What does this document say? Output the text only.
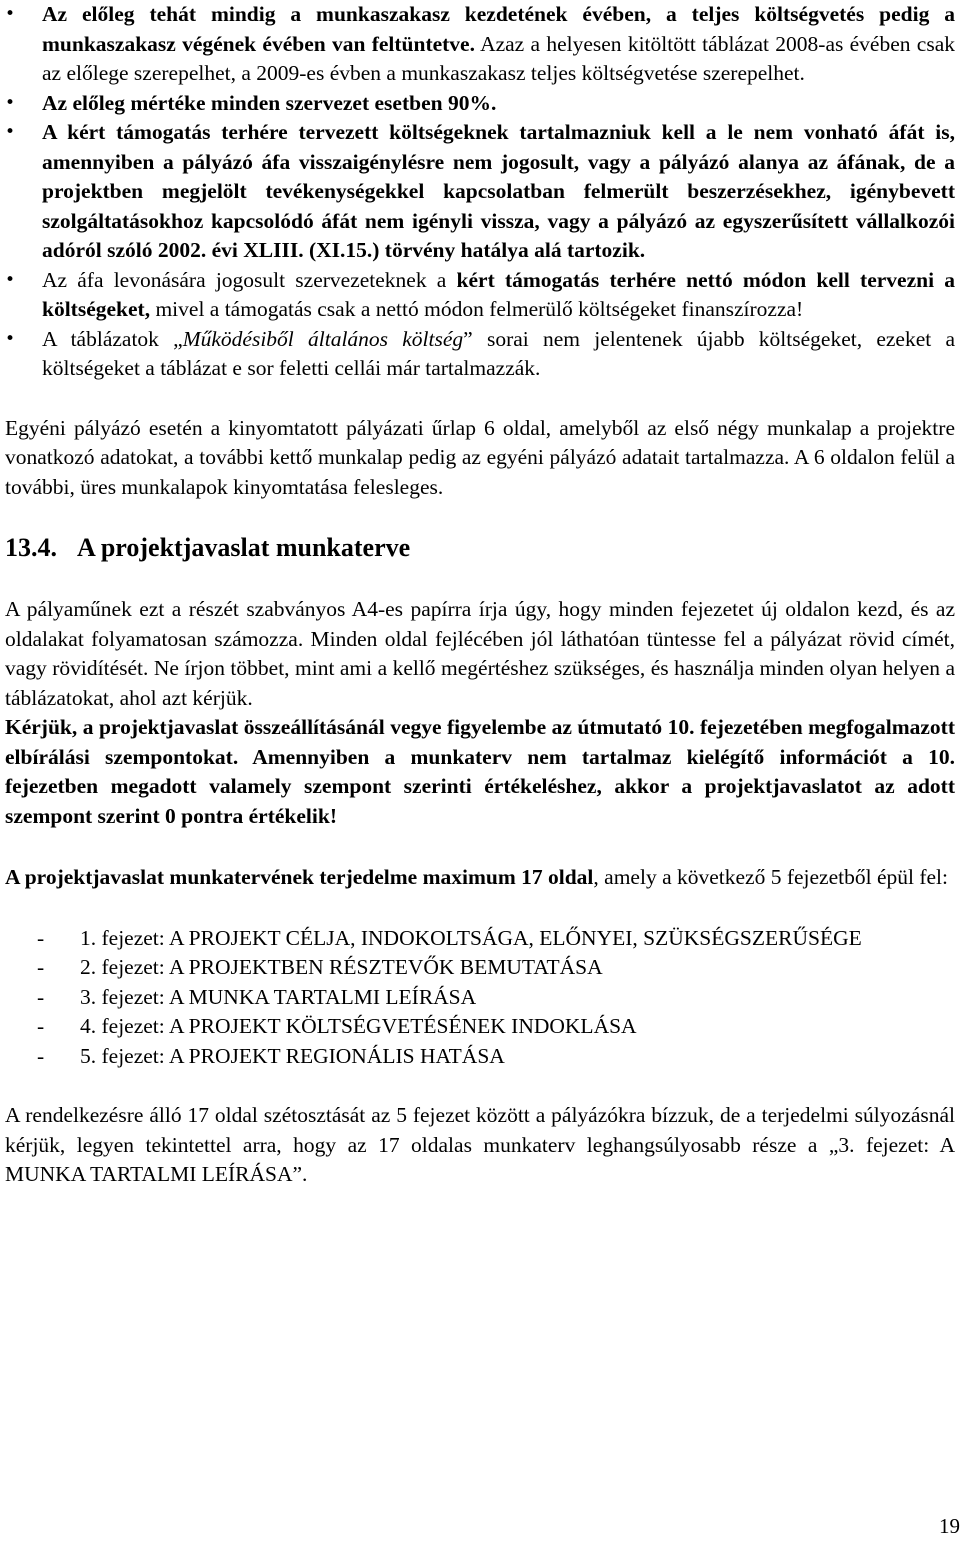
•	Az előleg tehát mindig a munkaszakasz kezdetének évében, a teljes költségvetés pedig a munkaszakasz végének évében van feltüntetve. Azaz a helyesen kitöltött táblázat 2008-as évében csak az előlege szerepelhet, a 2009-es évben a munkaszakasz teljes költségvetése szerepelhet.
•	Az előleg mértéke minden szervezet esetben 90%.
•	A kért támogatás terhére tervezett költségeknek tartalmazniuk kell a le nem vonható áfát is, amennyiben a pályázó áfa visszaigénylésre nem jogosult, vagy a pályázó alanya az áfának, de a projektben megjelölt tevékenységekkel kapcsolatban felmerült beszerzésekhez, igénybevett szolgáltatásokhoz kapcsolódó áfát nem igényli vissza, vagy a pályázó az egyszerűsített vállalkozói adóról szóló 2002. évi XLIII. (XI.15.) törvény hatálya alá tartozik.
•	Az áfa levonására jogosult szervezeteknek a kért támogatás terhére nettó módon kell tervezni a költségeket, mivel a támogatás csak a nettó módon felmerülő költségeket finanszírozza!
•	A táblázatok „Működésiből általános költség” sorai nem jelentenek újabb költségeket, ezeket a költségeket a táblázat e sor feletti cellái már tartalmazzák.

Egyéni pályázó esetén a kinyomtatott pályázati űrlap 6 oldal, amelyből az első négy munkalap a projektre vonatkozó adatokat, a további kettő munkalap pedig az egyéni pályázó adatait tartalmazza. A 6 oldalon felül a további, üres munkalapok kinyomtatása felesleges.

13.4. A projektjavaslat munkaterve

A pályaműnek ezt a részét szabványos A4-es papírra írja úgy, hogy minden fejezetet új oldalon kezd, és az oldalakat folyamatosan számozza. Minden oldal fejlécében jól láthatóan tüntesse fel a pályázat rövid címét, vagy rövidítését. Ne írjon többet, mint ami a kellő megértéshez szükséges, és használja minden olyan helyen a táblázatokat, ahol azt kérjük.

Kérjük, a projektjavaslat összeállításánál vegye figyelembe az útmutató 10. fejezetében megfogalmazott elbírálási szempontokat. Amennyiben a munkaterv nem tartalmaz kielégítő információt a 10. fejezetben megadott valamely szempont szerinti értékeléshez, akkor a projektjavaslatot az adott szempont szerint 0 pontra értékelik!

A projektjavaslat munkatervének terjedelme maximum 17 oldal, amely a következő 5 fejezetből épül fel:

- 1. fejezet: A PROJEKT CÉLJA, INDOKOLTSÁGA, ELŐNYEI, SZÜKSÉGSZERŰSÉGE
- 2. fejezet: A PROJEKTBEN RÉSZTEVŐK BEMUTATÁSA
- 3. fejezet: A MUNKA TARTALMI LEÍRÁSA
- 4. fejezet: A PROJEKT KÖLTSÉGVETÉSÉNEK INDOKLÁSA
- 5. fejezet: A PROJEKT REGIONÁLIS HATÁSA

A rendelkezésre álló 17 oldal szétosztását az 5 fejezet között a pályázókra bízzuk, de a terjedelmi súlyozásnál kérjük, legyen tekintettel arra, hogy az 17 oldalas munkaterv leghangsúlyosabb része a „3. fejezet: A MUNKA TARTALMI LEÍRÁSA”.

19
